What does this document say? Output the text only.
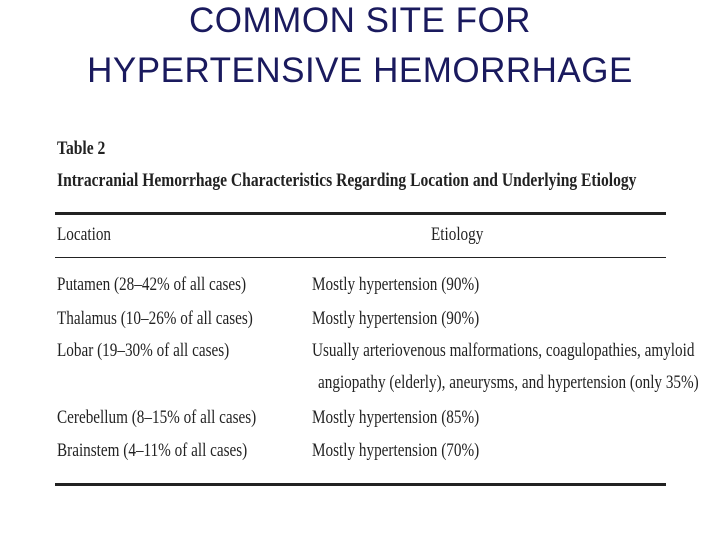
COMMON SITE FOR
HYPERTENSIVE HEMORRHAGE
Table 2
Intracranial Hemorrhage Characteristics Regarding Location and Underlying Etiology
Location	Etiology
Putamen (28–42% of all cases)	Mostly hypertension (90%)
Thalamus (10–26% of all cases)	Mostly hypertension (90%)
Lobar (19–30% of all cases)	Usually arteriovenous malformations, coagulopathies, amyloid
angiopathy (elderly), aneurysms, and hypertension (only 35%)
Cerebellum (8–15% of all cases)	Mostly hypertension (85%)
Brainstem (4–11% of all cases)	Mostly hypertension (70%)
